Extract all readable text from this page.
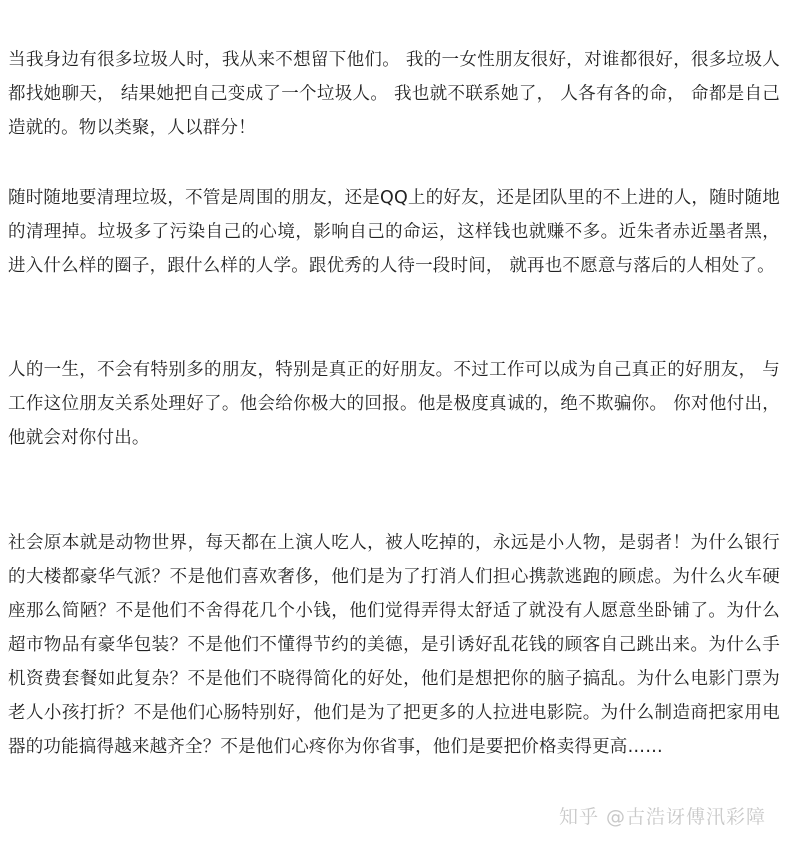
当我身边有很多垃圾人时，我从来不想留下他们。 我的一女性朋友很好，对谁都很好，很多垃圾人都找她聊天， 结果她把自己变成了一个垃圾人。 我也就不联系她了， 人各有各的命， 命都是自己造就的。物以类聚，人以群分！

随时随地要清理垃圾，不管是周围的朋友，还是QQ上的好友，还是团队里的不上进的人，随时随地的清理掉。垃圾多了污染自己的心境，影响自己的命运，这样钱也就赚不多。近朱者赤近墨者黑，进入什么样的圈子，跟什么样的人学。跟优秀的人待一段时间， 就再也不愿意与落后的人相处了。

人的一生，不会有特别多的朋友，特别是真正的好朋友。不过工作可以成为自己真正的好朋友， 与工作这位朋友关系处理好了。他会给你极大的回报。他是极度真诚的，绝不欺骗你。 你对他付出，他就会对你付出。

社会原本就是动物世界，每天都在上演人吃人，被人吃掉的，永远是小人物，是弱者！为什么银行的大楼都豪华气派？不是他们喜欢奢侈，他们是为了打消人们担心携款逃跑的顾虑。为什么火车硬座那么简陋？不是他们不舍得花几个小钱，他们觉得弄得太舒适了就没有人愿意坐卧铺了。为什么超市物品有豪华包装？不是他们不懂得节约的美德，是引诱好乱花钱的顾客自己跳出来。为什么手机资费套餐如此复杂？不是他们不晓得简化的好处，他们是想把你的脑子搞乱。为什么电影门票为老人小孩打折？不是他们心肠特别好，他们是为了把更多的人拉进电影院。为什么制造商把家用电器的功能搞得越来越齐全？不是他们心疼你为你省事，他们是要把价格卖得更高……

知乎 @古浩讶傅汛彩障
